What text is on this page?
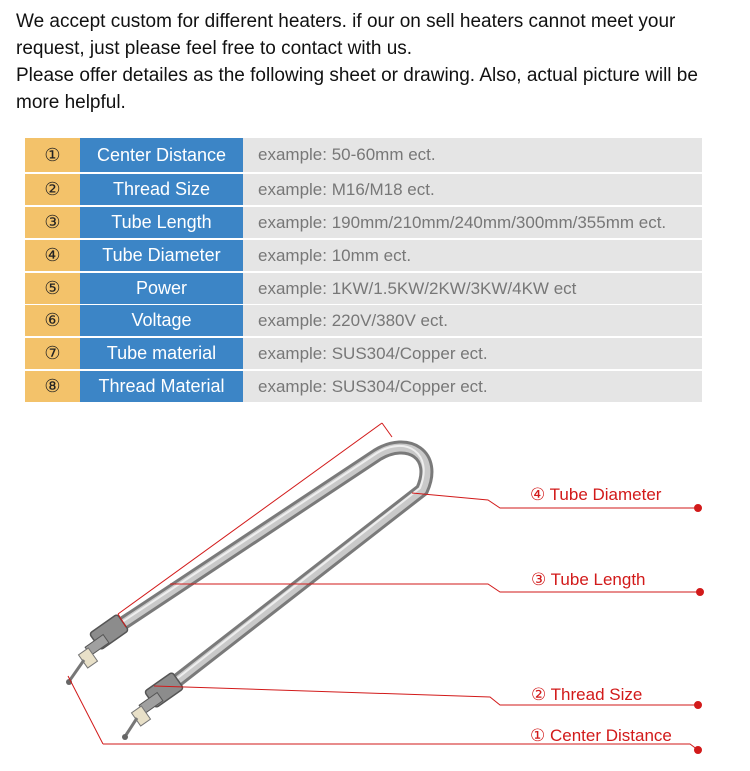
We accept custom for different heaters. if our on sell heaters cannot meet your request, just please feel free to contact with us.

Please offer detailes as the following sheet or drawing. Also, actual picture will be more helpful.

①	Center Distance	example: 50-60mm ect.
②	Thread Size	example: M16/M18 ect.
③	Tube Length	example: 190mm/210mm/240mm/300mm/355mm ect.
④	Tube Diameter	example: 10mm ect.
⑤	Power	example: 1KW/1.5KW/2KW/3KW/4KW ect
⑥	Voltage	example: 220V/380V ect.
⑦	Tube material	example: SUS304/Copper ect.
⑧	Thread Material	example: SUS304/Copper ect.
④ Tube Diameter
③ Tube Length
② Thread Size
① Center Distance
